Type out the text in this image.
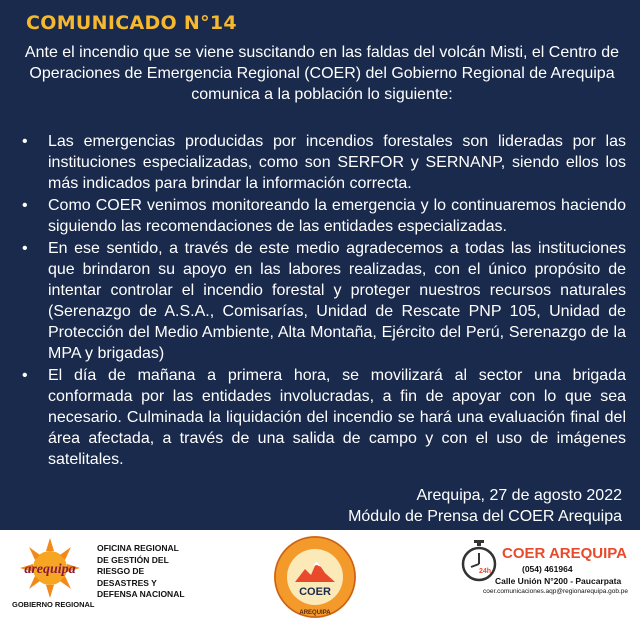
COMUNICADO N°14
Ante el incendio que se viene suscitando en las faldas del volcán Misti, el Centro de Operaciones de Emergencia Regional (COER) del Gobierno Regional de Arequipa comunica a la población lo siguiente:
• Las emergencias producidas por incendios forestales son lideradas por las instituciones especializadas, como son SERFOR y SERNANP, siendo ellos los más indicados para brindar la información correcta.
• Como COER venimos monitoreando la emergencia y lo continuaremos haciendo siguiendo las recomendaciones de las entidades especializadas.
• En ese sentido, a través de este medio agradecemos a todas las instituciones que brindaron su apoyo en las labores realizadas, con el único propósito de intentar controlar el incendio forestal y proteger nuestros recursos naturales (Serenazgo de A.S.A., Comisarías, Unidad de Rescate PNP 105, Unidad de Protección del Medio Ambiente, Alta Montaña, Ejército del Perú, Serenazgo de la MPA y brigadas)
• El día de mañana a primera hora, se movilizará al sector una brigada conformada por las entidades involucradas, a fin de apoyar con lo que sea necesario. Culminada la liquidación del incendio se hará una evaluación final del área afectada, a través de una salida de campo y con el uso de imágenes satelitales.
Arequipa, 27 de agosto 2022
Módulo de Prensa del COER Arequipa
arequipa
GOBIERNO REGIONAL
OFICINA REGIONAL
DE GESTIÓN DEL
RIESGO DE
DESASTRES Y
DEFENSA NACIONAL	COER
AREQUIPA
24h
COER AREQUIPA
(054) 461964
Calle Unión N°200 - Paucarpata
coer.comunicaciones.aqp@regionarequipa.gob.pe
